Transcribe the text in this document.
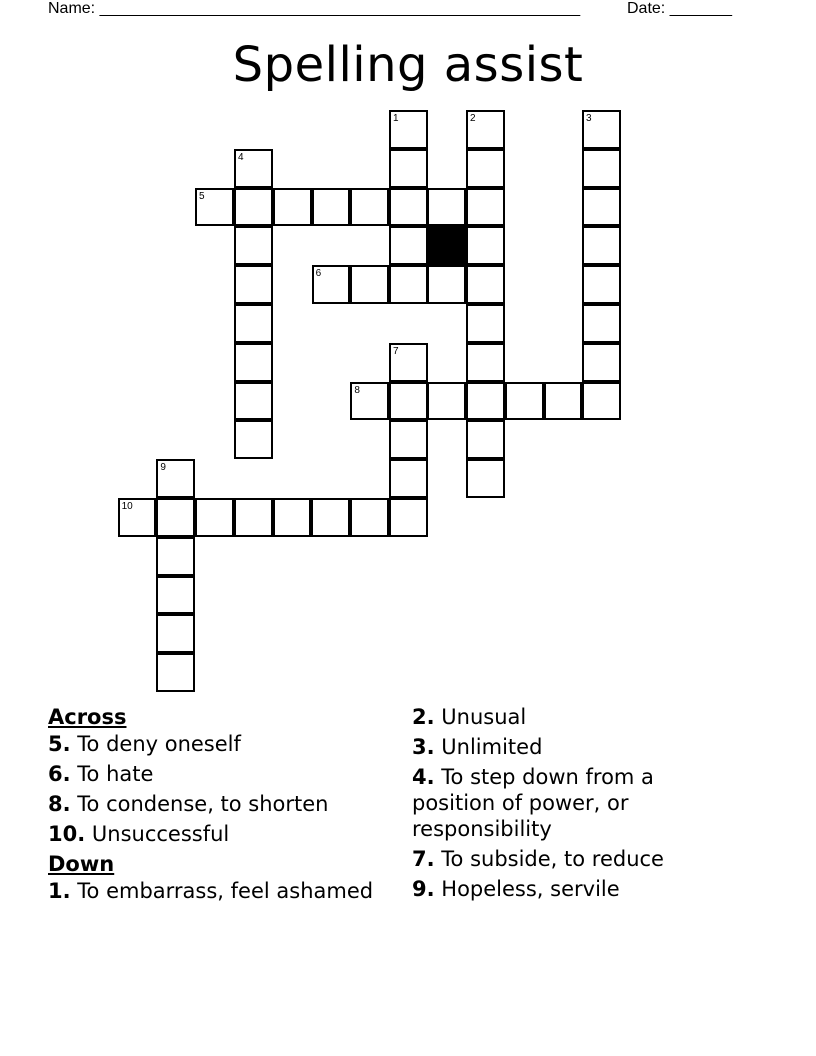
Name: ______________________________________________________	Date: _______
Spelling assist
1	2	3
4
5
6
7
8
9
10
Across
5. To deny oneself
6. To hate
8. To condense, to shorten
10. Unsuccessful
Down
1. To embarrass, feel ashamed
2. Unusual
3. Unlimited
4. To step down from a position of power, or responsibility
7. To subside, to reduce
9. Hopeless, servile
